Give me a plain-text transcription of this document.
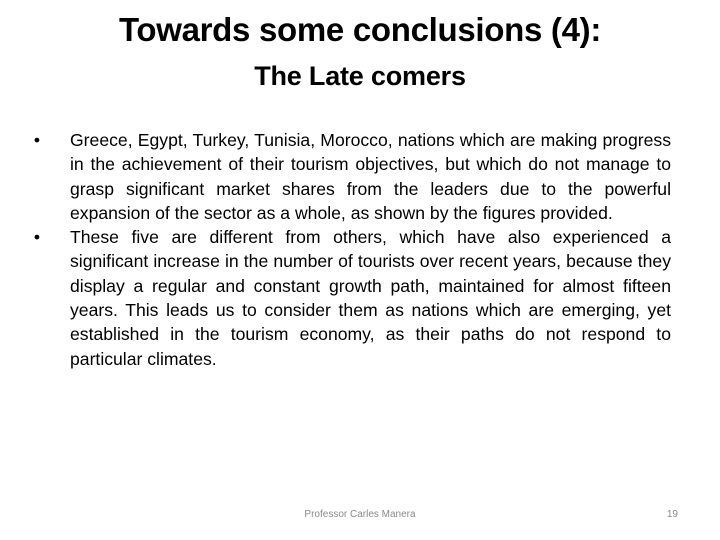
Towards some conclusions (4):
The Late comers
• Greece, Egypt, Turkey, Tunisia, Morocco, nations which are making progress in the achievement of their tourism objectives, but which do not manage to grasp significant market shares from the leaders due to the powerful expansion of the sector as a whole, as shown by the figures provided.
• These five are different from others, which have also experienced a significant increase in the number of tourists over recent years, because they display a regular and constant growth path, maintained for almost fifteen years. This leads us to consider them as nations which are emerging, yet established in the tourism economy, as their paths do not respond to particular climates.
Professor Carles Manera	19
